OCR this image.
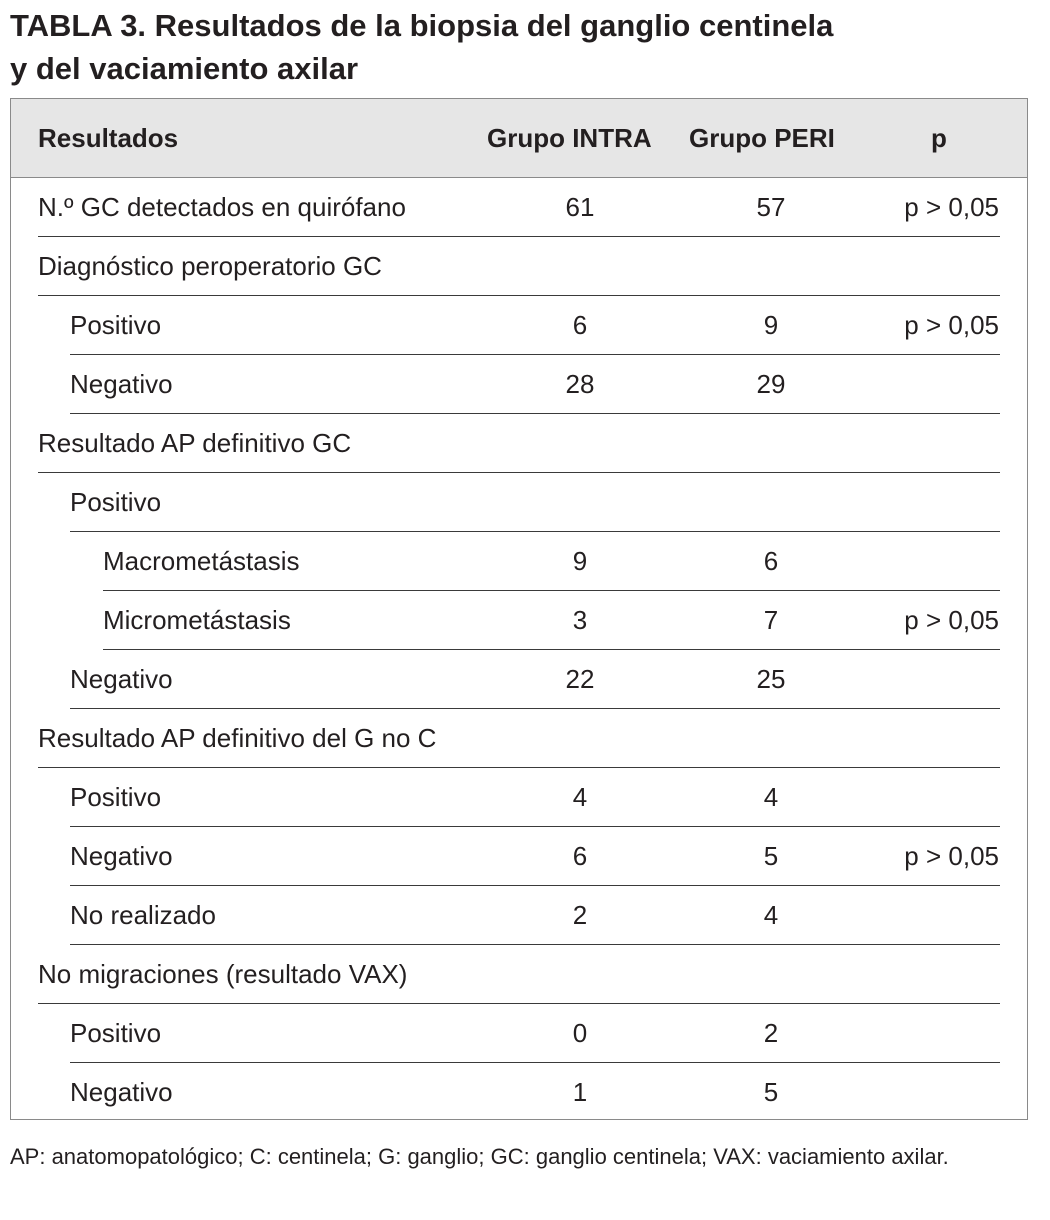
TABLA 3. Resultados de la biopsia del ganglio centinela
y del vaciamiento axilar
Resultados	Grupo INTRA Grupo PERI	p
N.º GC detectados en quirófano	61	57	p > 0,05
Diagnóstico peroperatorio GC
Positivo	6	9	p > 0,05
Negativo	28	29
Resultado AP definitivo GC
Positivo
Macrometástasis	9	6
Micrometástasis	3	7	p > 0,05
Negativo	22	25
Resultado AP definitivo del G no C
Positivo	4	4
Negativo	6	5	p > 0,05
No realizado	2	4
No migraciones (resultado VAX)
Positivo	0	2
Negativo	1	5

AP: anatomopatológico; C: centinela; G: ganglio; GC: ganglio centinela; VAX: vaciamiento axilar.
